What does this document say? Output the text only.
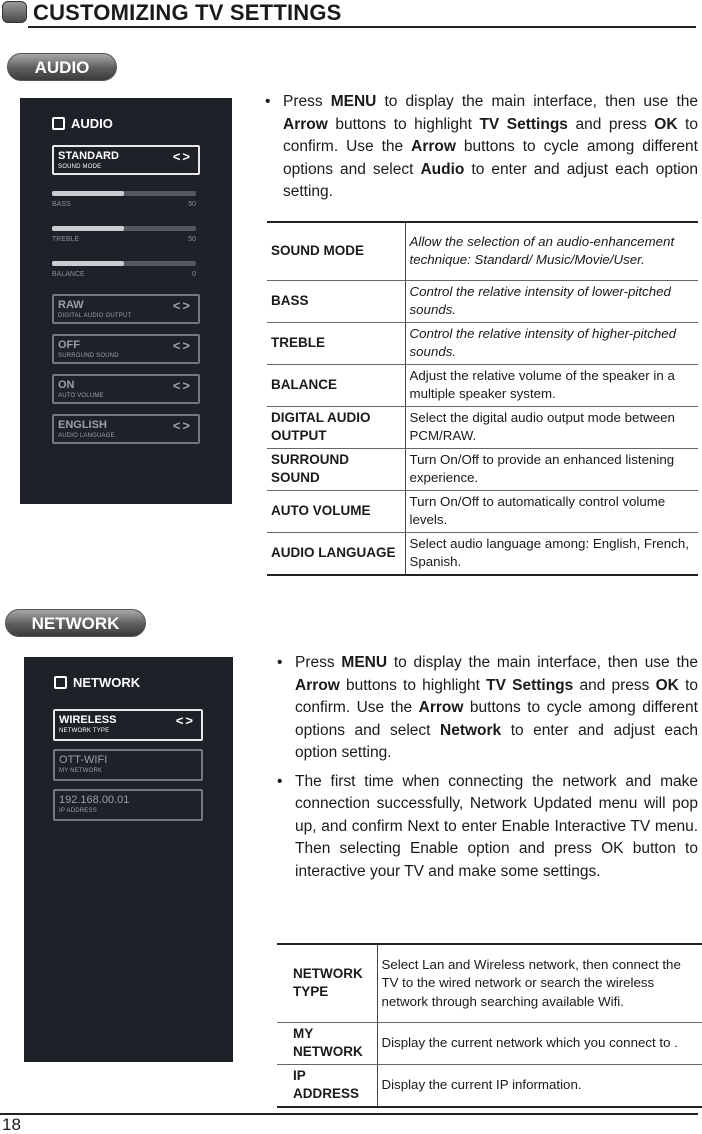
CUSTOMIZING TV SETTINGS
AUDIO
AUDIO
STANDARD
SOUND MODE
<>
BASS	50
TREBLE	50
BALANCE	0
RAW
DIGITAL AUDIO OUTPUT
<>
OFF
SURROUND SOUND
<>
ON
AUTO VOLUME
<>
ENGLISH
AUDIO LANGUAGE
<>
• Press MENU to display the main interface, then use the Arrow buttons to highlight TV Settings and press OK to confirm. Use the Arrow buttons to cycle among different options and select Audio to enter and adjust each option setting.
SOUND MODE	Allow the selection of an audio-enhancement technique: Standard/ Music/Movie/User.
BASS	Control the relative intensity of lower-pitched sounds.
TREBLE	Control the relative intensity of higher-pitched sounds.
BALANCE	Adjust the relative volume of the speaker in a multiple speaker system.
DIGITAL AUDIO OUTPUT	Select the digital audio output mode between PCM/RAW.
SURROUND SOUND	Turn On/Off to provide an enhanced listening experience.
AUTO VOLUME	Turn On/Off to automatically control volume levels.
AUDIO LANGUAGE	Select audio language among: English, French, Spanish.
NETWORK
NETWORK
WIRELESS
NETWORK TYPE
<>
OTT-WIFI
MY NETWORK
192.168.00.01
IP ADDRESS
• Press MENU to display the main interface, then use the Arrow buttons to highlight TV Settings and press OK to confirm. Use the Arrow buttons to cycle among different options and select Network to enter and adjust each option setting.
• The first time when connecting the network and make connection successfully, Network Updated menu will pop up, and confirm Next to enter Enable Interactive TV menu. Then selecting Enable option and press OK button to interactive your TV and make some settings.
NETWORK TYPE	Select Lan and Wireless network, then connect the TV to the wired network or search the wireless network through searching available Wifi.
MY NETWORK	Display the current network which you connect to .
IP ADDRESS	Display the current IP information.
18
